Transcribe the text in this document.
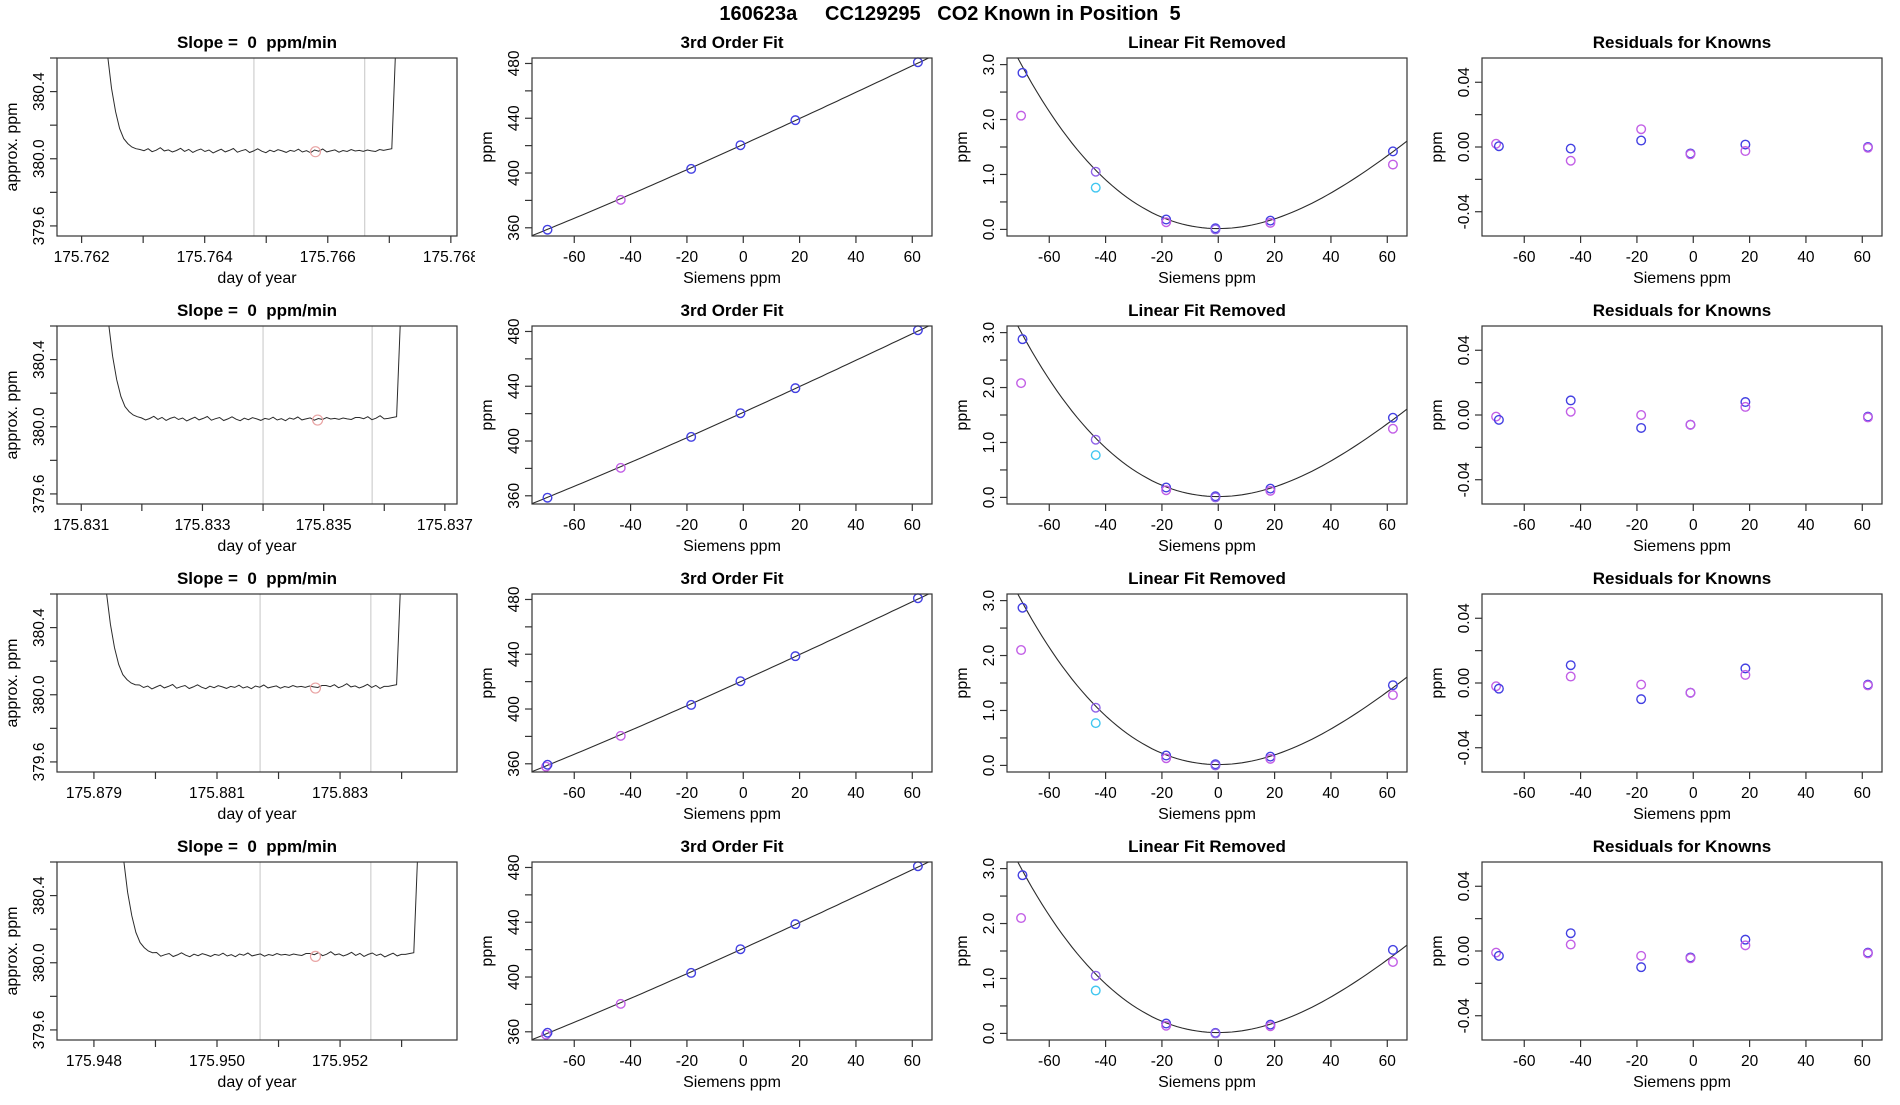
160623a     CC129295   CO2 Known in Position  5
Slope =  0  ppm/min
175.762	175.764	175.766	175.768
day of year
379.6
380.0
380.4
approx. ppm
3rd Order Fit
-60 -40 -20	0	20	40	60
Siemens ppm
360
400
440
480
ppm
Linear Fit Removed
-60 -40 -20	0	20	40	60
Siemens ppm
0.0
1.0
2.0
3.0
ppm
Residuals for Knowns
-60 -40 -20	0	20	40	60
Siemens ppm
-0.04
0.00
0.04
ppm
Slope =  0  ppm/min
175.831	175.833	175.835	175.837
day of year
379.6
380.0
380.4
approx. ppm
3rd Order Fit
-60 -40 -20	0	20	40	60
Siemens ppm
360
400
440
480
ppm
Linear Fit Removed
-60 -40 -20	0	20	40	60
Siemens ppm
0.0
1.0
2.0
3.0
ppm
Residuals for Knowns
-60 -40 -20	0	20	40	60
Siemens ppm
-0.04
0.00
0.04
ppm
Slope =  0  ppm/min
175.879	175.881	175.883
day of year
379.6
380.0
380.4
approx. ppm
3rd Order Fit
-60 -40 -20	0	20	40	60
Siemens ppm
360
400
440
480
ppm
Linear Fit Removed
-60 -40 -20	0	20	40	60
Siemens ppm
0.0
1.0
2.0
3.0
ppm
Residuals for Knowns
-60 -40 -20	0	20	40	60
Siemens ppm
-0.04
0.00
0.04
ppm
Slope =  0  ppm/min
175.948	175.950	175.952
day of year
379.6
380.0
380.4
approx. ppm
3rd Order Fit
-60 -40 -20	0	20	40	60
Siemens ppm
360
400
440
480
ppm
Linear Fit Removed
-60 -40 -20	0	20	40	60
Siemens ppm
0.0
1.0
2.0
3.0
ppm
Residuals for Knowns
-60 -40 -20	0	20	40	60
Siemens ppm
-0.04
0.00
0.04
ppm
